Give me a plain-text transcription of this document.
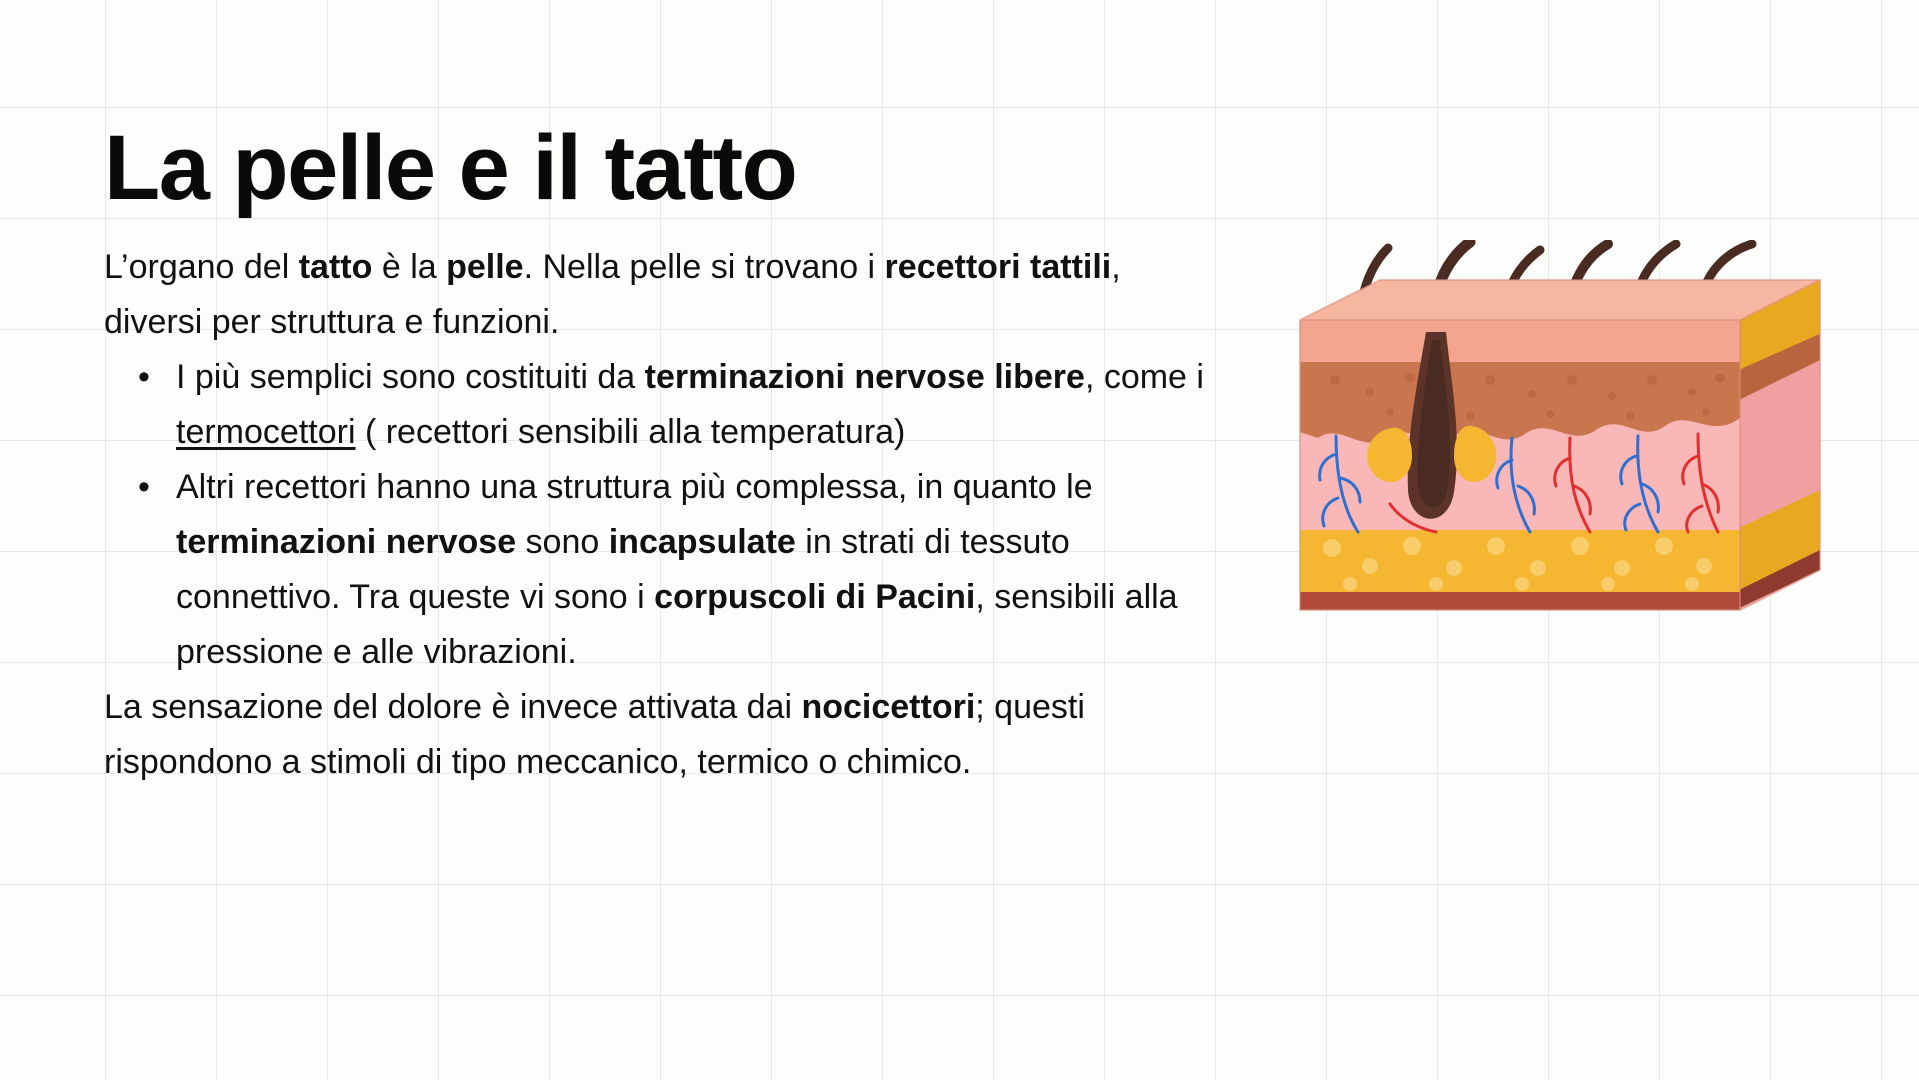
La pelle e il tatto

L’organo del tatto è la pelle. Nella pelle si trovano i recettori tattili, diversi per struttura e funzioni.

• I più semplici sono costituiti da terminazioni nervose libere, come i termocettori ( recettori sensibili alla temperatura)
• Altri recettori hanno una struttura più complessa, in quanto le terminazioni nervose sono incapsulate in strati di tessuto connettivo. Tra queste vi sono i corpuscoli di Pacini, sensibili alla pressione e alle vibrazioni.

La sensazione del dolore è invece attivata dai nocicettori; questi rispondono a stimoli di tipo meccanico, termico o chimico.
